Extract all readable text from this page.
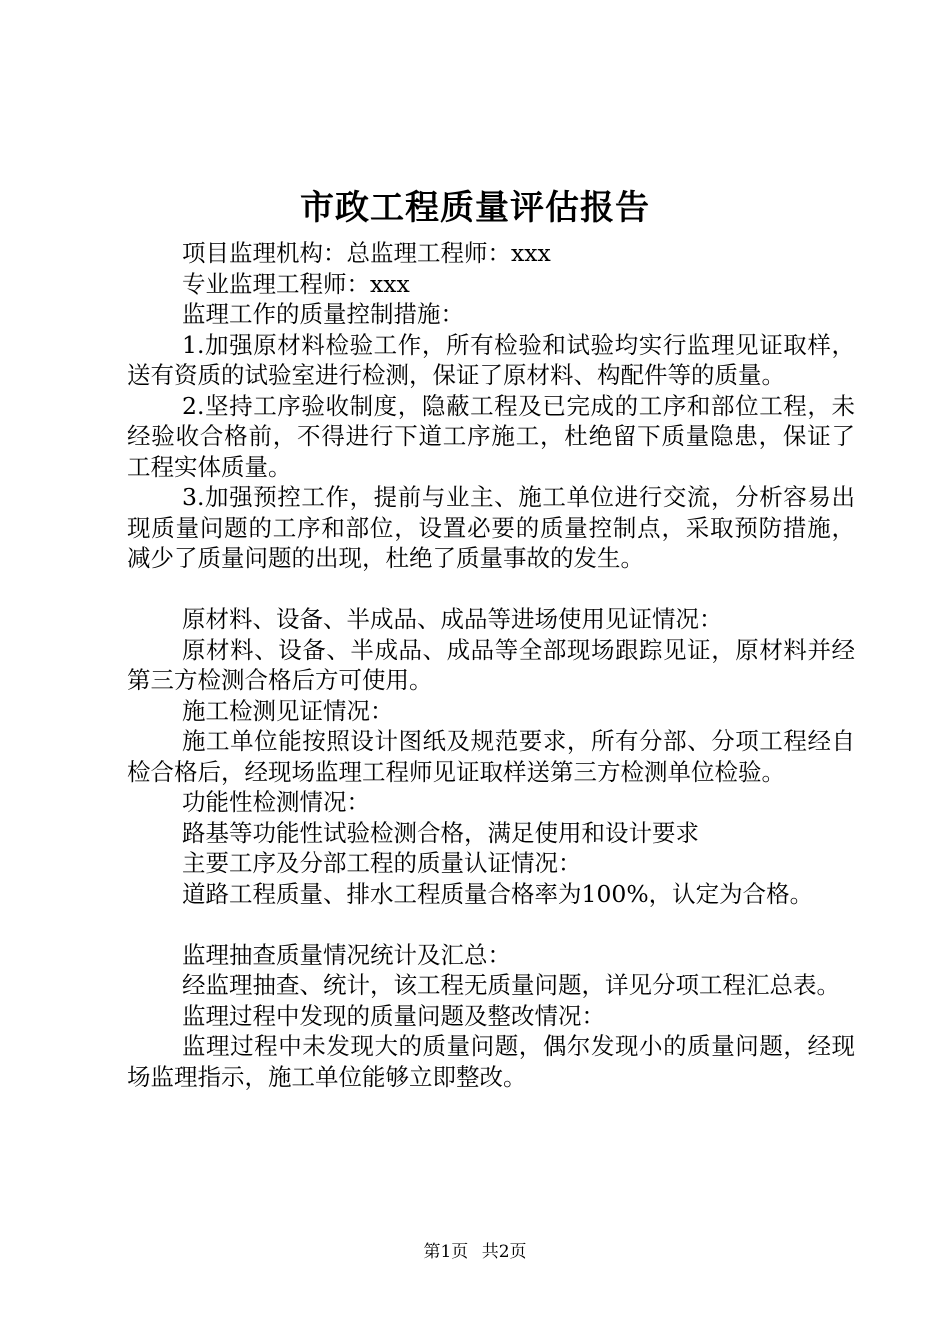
市政工程质量评估报告

项目监理机构：总监理工程师：xxx

专业监理工程师：xxx

监理工作的质量控制措施：

1.加强原材料检验工作，所有检验和试验均实行监理见证取样，送有资质的试验室进行检测，保证了原材料、构配件等的质量。

2.坚持工序验收制度，隐蔽工程及已完成的工序和部位工程，未经验收合格前，不得进行下道工序施工，杜绝留下质量隐患，保证了工程实体质量。

3.加强预控工作，提前与业主、施工单位进行交流，分析容易出现质量问题的工序和部位，设置必要的质量控制点，采取预防措施，减少了质量问题的出现，杜绝了质量事故的发生。

原材料、设备、半成品、成品等进场使用见证情况：

原材料、设备、半成品、成品等全部现场跟踪见证，原材料并经第三方检测合格后方可使用。

施工检测见证情况：

施工单位能按照设计图纸及规范要求，所有分部、分项工程经自检合格后，经现场监理工程师见证取样送第三方检测单位检验。

功能性检测情况：

路基等功能性试验检测合格，满足使用和设计要求

主要工序及分部工程的质量认证情况：

道路工程质量、排水工程质量合格率为100%，认定为合格。

监理抽查质量情况统计及汇总：

经监理抽查、统计，该工程无质量问题，详见分项工程汇总表。

监理过程中发现的质量问题及整改情况：

监理过程中未发现大的质量问题，偶尔发现小的质量问题，经现场监理指示，施工单位能够立即整改。

第1页 共2页
